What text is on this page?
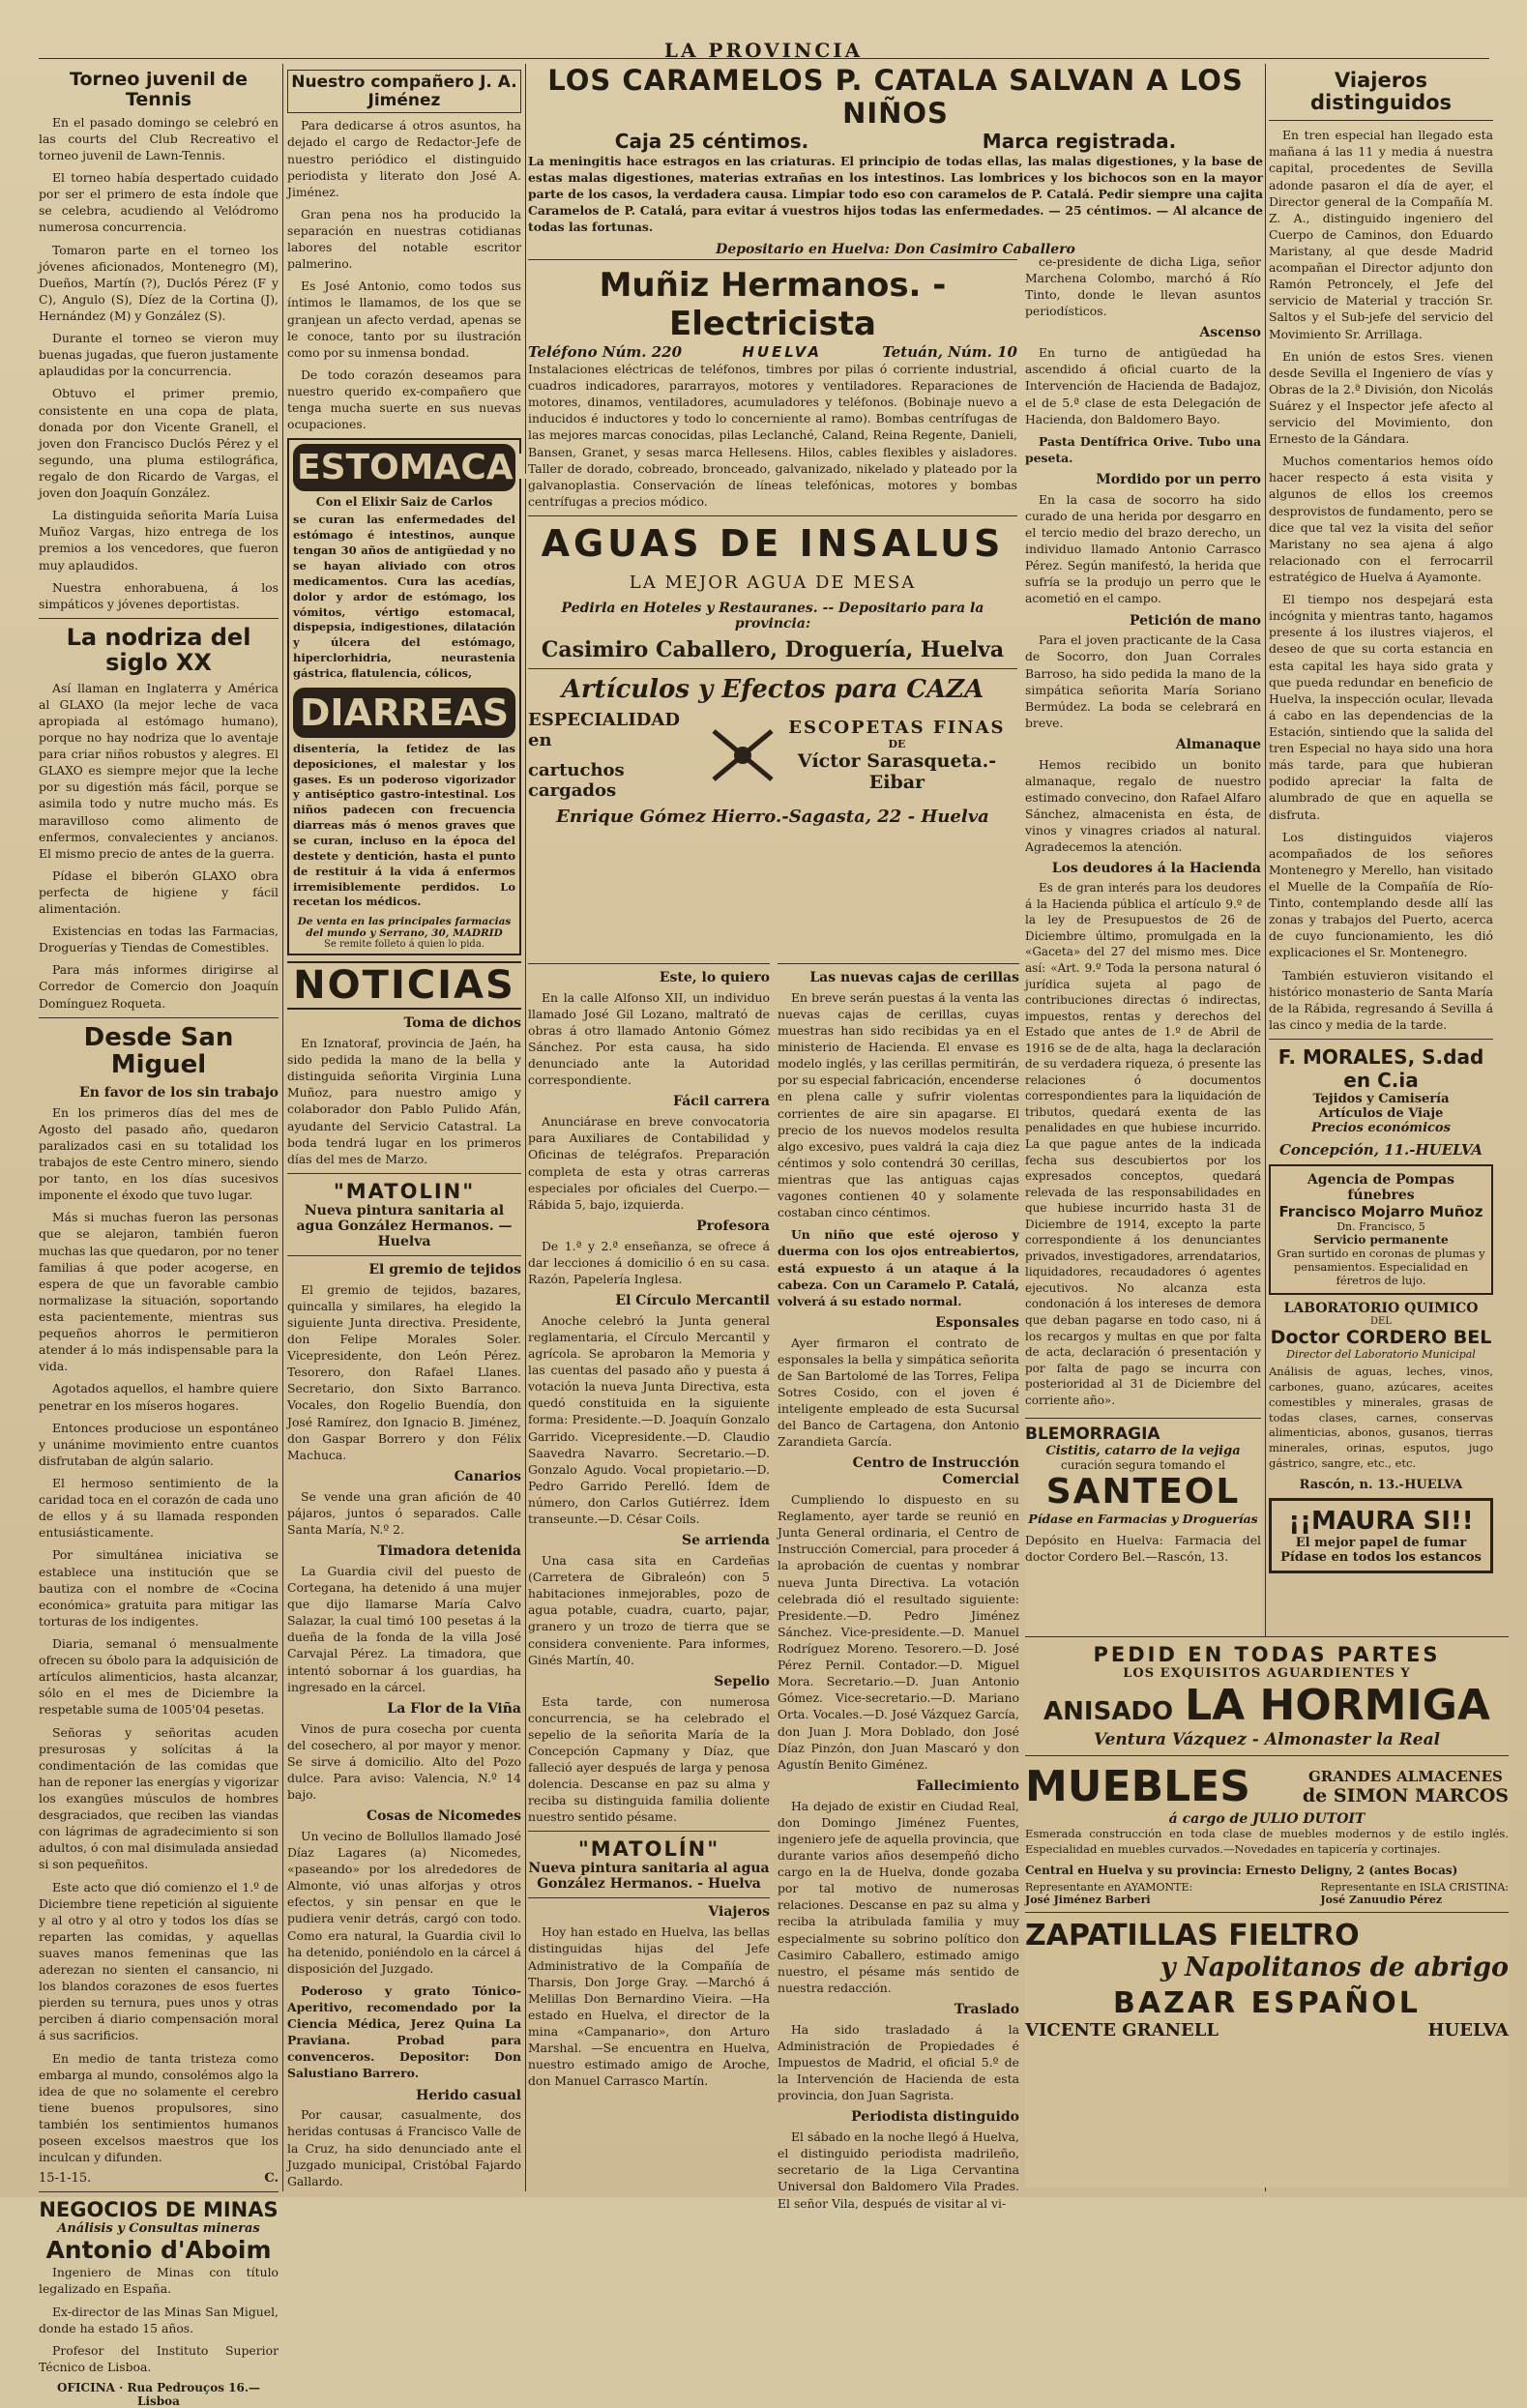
LA PROVINCIA
Torneo juvenil de Tennis

En el pasado domingo se celebró en las courts del Club Recreativo el torneo juvenil de Lawn-Tennis.

El torneo había despertado cuidado por ser el primero de esta índole que se celebra, acudiendo al Velódromo numerosa concurrencia.

Tomaron parte en el torneo los jóvenes aficionados, Montenegro (M), Dueños, Martín (?), Duclós Pérez (F y C), Angulo (S), Díez de la Cortina (J), Hernández (M) y González (S).

Durante el torneo se vieron muy buenas jugadas, que fueron justamente aplaudidas por la concurrencia.

Obtuvo el primer premio, consistente en una copa de plata, donada por don Vicente Granell, el joven don Francisco Duclós Pérez y el segundo, una pluma estilográfica, regalo de don Ricardo de Vargas, el joven don Joaquín González.

La distinguida señorita María Luisa Muñoz Vargas, hizo entrega de los premios a los vencedores, que fueron muy aplaudidos.

Nuestra enhorabuena, á los simpáticos y jóvenes deportistas.

La nodriza del siglo XX

Así llaman en Inglaterra y América al GLAXO (la mejor leche de vaca apropiada al estómago humano), porque no hay nodriza que lo aventaje para criar niños robustos y alegres. El GLAXO es siempre mejor que la leche por su digestión más fácil, porque se asimila todo y nutre mucho más. Es maravilloso como alimento de enfermos, convalecientes y ancianos. El mismo precio de antes de la guerra.

Pídase el biberón GLAXO obra perfecta de higiene y fácil alimentación.

Existencias en todas las Farmacias, Droguerías y Tiendas de Comestibles.

Para más informes dirigirse al Corredor de Comercio don Joaquín Domínguez Roqueta.

Desde San Miguel
En favor de los sin trabajo

En los primeros días del mes de Agosto del pasado año, quedaron paralizados casi en su totalidad los trabajos de este Centro minero, siendo por tanto, en los días sucesivos imponente el éxodo que tuvo lugar.

Más si muchas fueron las personas que se alejaron, también fueron muchas las que quedaron, por no tener familias á que poder acogerse, en espera de que un favorable cambio normalizase la situación, soportando esta pacientemente, mientras sus pequeños ahorros le permitieron atender á lo más indispensable para la vida.

Agotados aquellos, el hambre quiere penetrar en los míseros hogares.

Entonces produciose un espontáneo y unánime movimiento entre cuantos disfrutaban de algún salario.

El hermoso sentimiento de la caridad toca en el corazón de cada uno de ellos y á su llamada responden entusiásticamente.

Por simultánea iniciativa se establece una institución que se bautiza con el nombre de «Cocina económica» gratuita para mitigar las torturas de los indigentes.

Diaria, semanal ó mensualmente ofrecen su óbolo para la adquisición de artículos alimenticios, hasta alcanzar, sólo en el mes de Diciembre la respetable suma de 1005'04 pesetas.

Señoras y señoritas acuden presurosas y solícitas á la condimentación de las comidas que han de reponer las energías y vigorizar los exangües músculos de hombres desgraciados, que reciben las viandas con lágrimas de agradecimiento si son adultos, ó con mal disimulada ansiedad si son pequeñitos.

Este acto que dió comienzo el 1.º de Diciembre tiene repetición al siguiente y al otro y al otro y todos los días se reparten las comidas, y aquellas suaves manos femeninas que las aderezan no sienten el cansancio, ni los blandos corazones de esos fuertes pierden su ternura, pues unos y otras perciben á diario compensación moral á sus sacrificios.

En medio de tanta tristeza como embarga al mundo, consolémos algo la idea de que no solamente el cerebro tiene buenos propulsores, sino también los sentimientos humanos poseen excelsos maestros que los inculcan y difunden.

15-1-15.	C.
NEGOCIOS DE MINAS
Análisis y Consultas mineras
Antonio d'Aboim

Ingeniero de Minas con título legalizado en España.

Ex-director de las Minas San Miguel, donde ha estado 15 años.

Profesor del Instituto Superior Técnico de Lisboa.

OFICINA · Rua Pedrouços 16.—Lisboa
Nuestro compañero J. A. Jiménez

Para dedicarse á otros asuntos, ha dejado el cargo de Redactor-Jefe de nuestro periódico el distinguido periodista y literato don José A. Jiménez.

Gran pena nos ha producido la separación en nuestras cotidianas labores del notable escritor palmerino.

Es José Antonio, como todos sus íntimos le llamamos, de los que se granjean un afecto verdad, apenas se le conoce, tanto por su ilustración como por su inmensa bondad.

De todo corazón deseamos para nuestro querido ex-compañero que tenga mucha suerte en sus nuevas ocupaciones.

ESTOMACAL
Con el Elixir Saiz de Carlos

se curan las enfermedades del estómago é intestinos, aunque tengan 30 años de antigüedad y no se hayan aliviado con otros medicamentos. Cura las acedías, dolor y ardor de estómago, los vómitos, vértigo estomacal, dispepsia, indigestiones, dilatación y úlcera del estómago, hiperclorhidria, neurastenia gástrica, flatulencia, cólicos,

DIARREAS

disentería, la fetidez de las deposiciones, el malestar y los gases. Es un poderoso vigorizador y antiséptico gastro-intestinal. Los niños padecen con frecuencia diarreas más ó menos graves que se curan, incluso en la época del destete y dentición, hasta el punto de restituir á la vida á enfermos irremisiblemente perdidos. Lo recetan los médicos.

De venta en las principales farmacias del mundo y Serrano, 30, MADRID
Se remite folleto á quien lo pida.
NOTICIAS
Toma de dichos

En Iznatoraf, provincia de Jaén, ha sido pedida la mano de la bella y distinguida señorita Virginia Luna Muñoz, para nuestro amigo y colaborador don Pablo Pulido Afán, ayudante del Servicio Catastral. La boda tendrá lugar en los primeros días del mes de Marzo.

"MATOLIN"
Nueva pintura sanitaria al agua González Hermanos. — Huelva
El gremio de tejidos

El gremio de tejidos, bazares, quincalla y similares, ha elegido la siguiente Junta directiva. Presidente, don Felipe Morales Soler. Vicepresidente, don León Pérez. Tesorero, don Rafael Llanes. Secretario, don Sixto Barranco. Vocales, don Rogelio Buendía, don José Ramírez, don Ignacio B. Jiménez, don Gaspar Borrero y don Félix Machuca.

Canarios

Se vende una gran afición de 40 pájaros, juntos ó separados. Calle Santa María, N.º 2.

Timadora detenida

La Guardia civil del puesto de Cortegana, ha detenido á una mujer que dijo llamarse María Calvo Salazar, la cual timó 100 pesetas á la dueña de la fonda de la villa José Carvajal Pérez. La timadora, que intentó sobornar á los guardias, ha ingresado en la cárcel.

La Flor de la Viña

Vinos de pura cosecha por cuenta del cosechero, al por mayor y menor. Se sirve á domicilio. Alto del Pozo dulce. Para aviso: Valencia, N.º 14 bajo.

Cosas de Nicomedes

Un vecino de Bollullos llamado José Díaz Lagares (a) Nicomedes, «paseando» por los alrededores de Almonte, vió unas alforjas y otros efectos, y sin pensar en que le pudiera venir detrás, cargó con todo. Como era natural, la Guardia civil lo ha detenido, poniéndolo en la cárcel á disposición del Juzgado.

Poderoso y grato Tónico-Aperitivo, recomendado por la Ciencia Médica, Jerez Quina La Praviana. Probad para convenceros. Depositor: Don Salustiano Barrero.

Herido casual

Por causar, casualmente, dos heridas contusas á Francisco Valle de la Cruz, ha sido denunciado ante el Juzgado municipal, Cristóbal Fajardo Gallardo.

LOS CARAMELOS P. CATALA SALVAN A LOS NIÑOS
Caja 25 céntimos.	Marca registrada.

La meningitis hace estragos en las criaturas. El principio de todas ellas, las malas digestiones, y la base de estas malas digestiones, materias extrañas en los intestinos. Las lombrices y los bichocos son en la mayor parte de los casos, la verdadera causa. Limpiar todo eso con caramelos de P. Catalá. Pedir siempre una cajita Caramelos de P. Catalá, para evitar á vuestros hijos todas las enfermedades. — 25 céntimos. — Al alcance de todas las fortunas.

Depositario en Huelva: Don Casimiro Caballero
Muñiz Hermanos. - Electricista
Teléfono Núm. 220	HUELVA	Tetuán, Núm. 10

Instalaciones eléctricas de teléfonos, timbres por pilas ó corriente industrial, cuadros indicadores, pararrayos, motores y ventiladores. Reparaciones de motores, dinamos, ventiladores, acumuladores y teléfonos. (Bobinaje nuevo a inducidos é inductores y todo lo concerniente al ramo). Bombas centrífugas de las mejores marcas conocidas, pilas Leclanché, Caland, Reina Regente, Danieli, Bansen, Granet, y sesas marca Hellesens. Hilos, cables flexibles y aisladores. Taller de dorado, cobreado, bronceado, galvanizado, nikelado y plateado por la galvanoplastia. Conservación de líneas telefónicas, motores y bombas centrífugas a precios módico.

AGUAS DE INSALUS
LA MEJOR AGUA DE MESA
Pedirla en Hoteles y Restauranes. -- Depositario para la provincia:
Casimiro Caballero, Droguería, Huelva
Artículos y Efectos para CAZA
ESPECIALIDAD en
cartuchos cargados
ESCOPETAS FINAS
DE
Víctor Sarasqueta.-Eibar
Enrique Gómez Hierro.-Sagasta, 22 - Huelva
Este, lo quiero

En la calle Alfonso XII, un individuo llamado José Gil Lozano, maltrató de obras á otro llamado Antonio Gómez Sánchez. Por esta causa, ha sido denunciado ante la Autoridad correspondiente.

Fácil carrera

Anunciárase en breve convocatoria para Auxiliares de Contabilidad y Oficinas de telégrafos. Preparación completa de esta y otras carreras especiales por oficiales del Cuerpo.—Rábida 5, bajo, izquierda.

Profesora

De 1.ª y 2.ª enseñanza, se ofrece á dar lecciones á domicilio ó en su casa. Razón, Papelería Inglesa.

El Círculo Mercantil

Anoche celebró la Junta general reglamentaria, el Círculo Mercantil y agrícola. Se aprobaron la Memoria y las cuentas del pasado año y puesta á votación la nueva Junta Directiva, esta quedó constituida en la siguiente forma: Presidente.—D. Joaquín Gonzalo Garrido. Vicepresidente.—D. Claudio Saavedra Navarro. Secretario.—D. Gonzalo Agudo. Vocal propietario.—D. Pedro Garrido Perelló. Ídem de número, don Carlos Gutiérrez. Ídem transeunte.—D. César Coils.

Se arrienda

Una casa sita en Cardeñas (Carretera de Gibraleón) con 5 habitaciones inmejorables, pozo de agua potable, cuadra, cuarto, pajar, granero y un trozo de tierra que se considera conveniente. Para informes, Ginés Martín, 40.

Sepelio

Esta tarde, con numerosa concurrencia, se ha celebrado el sepelio de la señorita María de la Concepción Capmany y Díaz, que falleció ayer después de larga y penosa dolencia. Descanse en paz su alma y reciba su distinguida familia doliente nuestro sentido pésame.

"MATOLÍN"
Nueva pintura sanitaria al agua González Hermanos. - Huelva
Viajeros

Hoy han estado en Huelva, las bellas distinguidas hijas del Jefe Administrativo de la Compañía de Tharsis, Don Jorge Gray. —Marchó á Melillas Don Bernardino Vieira. —Ha estado en Huelva, el director de la mina «Campanario», don Arturo Marshal. —Se encuentra en Huelva, nuestro estimado amigo de Aroche, don Manuel Carrasco Martín.

Las nuevas cajas de cerillas

En breve serán puestas á la venta las nuevas cajas de cerillas, cuyas muestras han sido recibidas ya en el ministerio de Hacienda. El envase es modelo inglés, y las cerillas permitirán, por su especial fabricación, encenderse en plena calle y sufrir violentas corrientes de aire sin apagarse. El precio de los nuevos modelos resulta algo excesivo, pues valdrá la caja diez céntimos y solo contendrá 30 cerillas, mientras que las antiguas cajas vagones contienen 40 y solamente costaban cinco céntimos.

Un niño que esté ojeroso y duerma con los ojos entreabiertos, está expuesto á un ataque á la cabeza. Con un Caramelo P. Catalá, volverá á su estado normal.

Esponsales

Ayer firmaron el contrato de esponsales la bella y simpática señorita de San Bartolomé de las Torres, Felipa Sotres Cosido, con el joven é inteligente empleado de esta Sucursal del Banco de Cartagena, don Antonio Zarandieta García.

Centro de Instrucción Comercial

Cumpliendo lo dispuesto en su Reglamento, ayer tarde se reunió en Junta General ordinaria, el Centro de Instrucción Comercial, para proceder á la aprobación de cuentas y nombrar nueva Junta Directiva. La votación celebrada dió el resultado siguiente: Presidente.—D. Pedro Jiménez Sánchez. Vice-presidente.—D. Manuel Rodríguez Moreno. Tesorero.—D. José Pérez Pernil. Contador.—D. Miguel Mora. Secretario.—D. Juan Antonio Gómez. Vice-secretario.—D. Mariano Orta. Vocales.—D. José Vázquez García, don Juan J. Mora Doblado, don José Díaz Pinzón, don Juan Mascaró y don Agustín Benito Giménez.

Fallecimiento

Ha dejado de existir en Ciudad Real, don Domingo Jiménez Fuentes, ingeniero jefe de aquella provincia, que durante varios años desempeñó dicho cargo en la de Huelva, donde gozaba por tal motivo de numerosas relaciones. Descanse en paz su alma y reciba la atribulada familia y muy especialmente su sobrino político don Casimiro Caballero, estimado amigo nuestro, el pésame más sentido de nuestra redacción.

Traslado

Ha sido trasladado á la Administración de Propiedades é Impuestos de Madrid, el oficial 5.º de la Intervención de Hacienda de esta provincia, don Juan Sagrista.

Periodista distinguido

El sábado en la noche llegó á Huelva, el distinguido periodista madrileño, secretario de la Liga Cervantina Universal don Baldomero Vila Prades. El señor Vila, después de visitar al vi-

ce-presidente de dicha Liga, señor Marchena Colombo, marchó á Río Tinto, donde le llevan asuntos periodísticos.

Ascenso

En turno de antigüedad ha ascendido á oficial cuarto de la Intervención de Hacienda de Badajoz, el de 5.ª clase de esta Delegación de Hacienda, don Baldomero Bayo.

Pasta Dentífrica Orive. Tubo una peseta.

Mordido por un perro

En la casa de socorro ha sido curado de una herida por desgarro en el tercio medio del brazo derecho, un individuo llamado Antonio Carrasco Pérez. Según manifestó, la herida que sufría se la produjo un perro que le acometió en el campo.

Petición de mano

Para el joven practicante de la Casa de Socorro, don Juan Corrales Barroso, ha sido pedida la mano de la simpática señorita María Soriano Bermúdez. La boda se celebrará en breve.

Almanaque

Hemos recibido un bonito almanaque, regalo de nuestro estimado convecino, don Rafael Alfaro Sánchez, almacenista en ésta, de vinos y vinagres criados al natural. Agradecemos la atención.

Los deudores á la Hacienda

Es de gran interés para los deudores á la Hacienda pública el artículo 9.º de la ley de Presupuestos de 26 de Diciembre último, promulgada en la «Gaceta» del 27 del mismo mes. Dice así: «Art. 9.º Toda la persona natural ó jurídica sujeta al pago de contribuciones directas ó indirectas, impuestos, rentas y derechos del Estado que antes de 1.º de Abril de 1916 se de de alta, haga la declaración de su verdadera riqueza, ó presente las relaciones ó documentos correspondientes para la liquidación de tributos, quedará exenta de las penalidades en que hubiese incurrido. La que pague antes de la indicada fecha sus descubiertos por los expresados conceptos, quedará relevada de las responsabilidades en que hubiese incurrido hasta 31 de Diciembre de 1914, excepto la parte correspondiente á los denunciantes privados, investigadores, arrendatarios, liquidadores, recaudadores ó agentes ejecutivos. No alcanza esta condonación á los intereses de demora que deban pagarse en todo caso, ni á los recargos y multas en que por falta de acta, declaración ó presentación y por falta de pago se incurra con posterioridad al 31 de Diciembre del corriente año».

BLEMORRAGIA
Cistitis, catarro de la vejiga
curación segura tomando el
SANTEOL
Pídase en Farmacias y Droguerías

Depósito en Huelva: Farmacia del doctor Cordero Bel.—Rascón, 13.

Viajeros distinguidos

En tren especial han llegado esta mañana á las 11 y media á nuestra capital, procedentes de Sevilla adonde pasaron el día de ayer, el Director general de la Compañía M. Z. A., distinguido ingeniero del Cuerpo de Caminos, don Eduardo Maristany, al que desde Madrid acompañan el Director adjunto don Ramón Petroncely, el Jefe del servicio de Material y tracción Sr. Saltos y el Sub-jefe del servicio del Movimiento Sr. Arrillaga.

En unión de estos Sres. vienen desde Sevilla el Ingeniero de vías y Obras de la 2.ª División, don Nicolás Suárez y el Inspector jefe afecto al servicio del Movimiento, don Ernesto de la Gándara.

Muchos comentarios hemos oído hacer respecto á esta visita y algunos de ellos los creemos desprovistos de fundamento, pero se dice que tal vez la visita del señor Maristany no sea ajena á algo relacionado con el ferrocarril estratégico de Huelva á Ayamonte.

El tiempo nos despejará esta incógnita y mientras tanto, hagamos presente á los ilustres viajeros, el deseo de que su corta estancia en esta capital les haya sido grata y que pueda redundar en beneficio de Huelva, la inspección ocular, llevada á cabo en las dependencias de la Estación, sintiendo que la salida del tren Especial no haya sido una hora más tarde, para que hubieran podido apreciar la falta de alumbrado de que en aquella se disfruta.

Los distinguidos viajeros acompañados de los señores Montenegro y Merello, han visitado el Muelle de la Compañía de Río-Tinto, contemplando desde allí las zonas y trabajos del Puerto, acerca de cuyo funcionamiento, les dió explicaciones el Sr. Montenegro.

También estuvieron visitando el histórico monasterio de Santa María de la Rábida, regresando á Sevilla á las cinco y media de la tarde.

F. MORALES, S.dad en C.ia
Tejidos y Camisería
Artículos de Viaje
Precios económicos
Concepción, 11.-HUELVA
Agencia de Pompas fúnebres
Francisco Mojarro Muñoz
Dn. Francisco, 5
Servicio permanente
Gran surtido en coronas de plumas y pensamientos. Especialidad en féretros de lujo.
LABORATORIO QUIMICO
DEL
Doctor CORDERO BEL
Director del Laboratorio Municipal

Análisis de aguas, leches, vinos, carbones, guano, azúcares, aceites comestibles y minerales, grasas de todas clases, carnes, conservas alimenticias, abonos, gusanos, tierras minerales, orinas, esputos, jugo gástrico, sangre, etc., etc.

Rascón, n. 13.-HUELVA
¡¡MAURA SI!!
El mejor papel de fumar
Pídase en todos los estancos
PEDID EN TODAS PARTES
LOS EXQUISITOS AGUARDIENTES Y
ANISADO LA HORMIGA
Ventura Vázquez - Almonaster la Real
MUEBLES	GRANDES ALMACENES
de SIMON MARCOS
á cargo de JULIO DUTOIT

Esmerada construcción en toda clase de muebles modernos y de estilo inglés. Especialidad en muebles curvados.—Novedades en tapicería y cortinajes.

Central en Huelva y su provincia: Ernesto Deligny, 2 (antes Bocas)
Representante en AYAMONTE:
José Jiménez Barberi
Representante en ISLA CRISTINA:
José Zanuudio Pérez
ZAPATILLAS FIELTRO
y Napolitanos de abrigo
BAZAR ESPAÑOL
VICENTE GRANELL	HUELVA
